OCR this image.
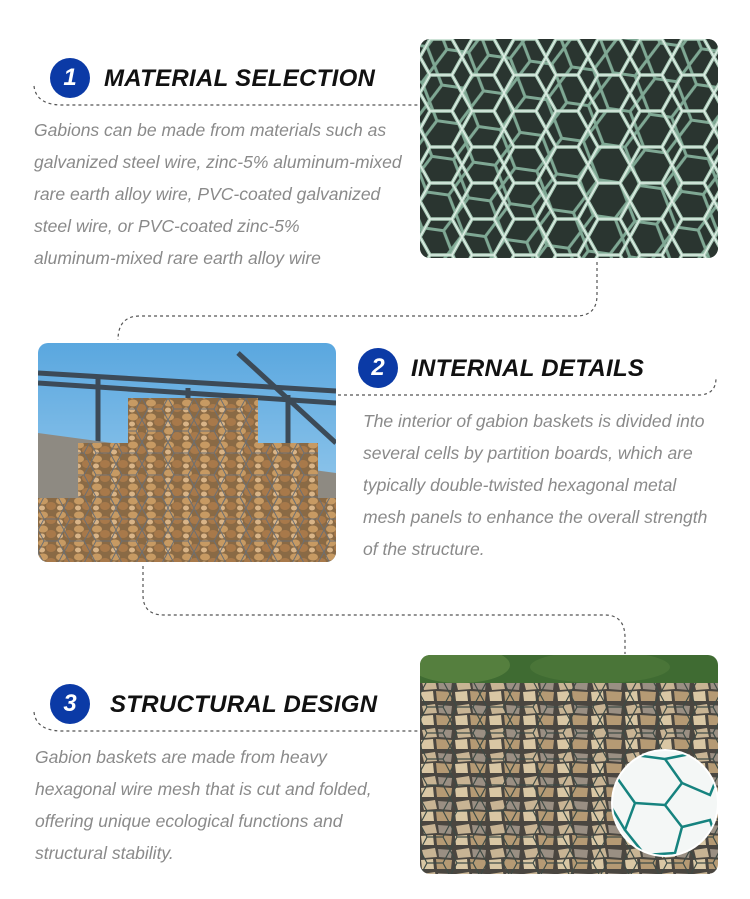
1	MATERIAL SELECTION
Gabions can be made from materials such as
galvanized steel wire, zinc-5% aluminum-mixed
rare earth alloy wire, PVC-coated galvanized
steel wire, or PVC-coated zinc-5%
aluminum-mixed rare earth alloy wire
2	INTERNAL DETAILS
The interior of gabion baskets is divided into
several cells by partition boards, which are
typically double-twisted hexagonal metal
mesh panels to enhance the overall strength
of the structure.
3	STRUCTURAL DESIGN
Gabion baskets are made from heavy
hexagonal wire mesh that is cut and folded,
offering unique ecological functions and
structural stability.
